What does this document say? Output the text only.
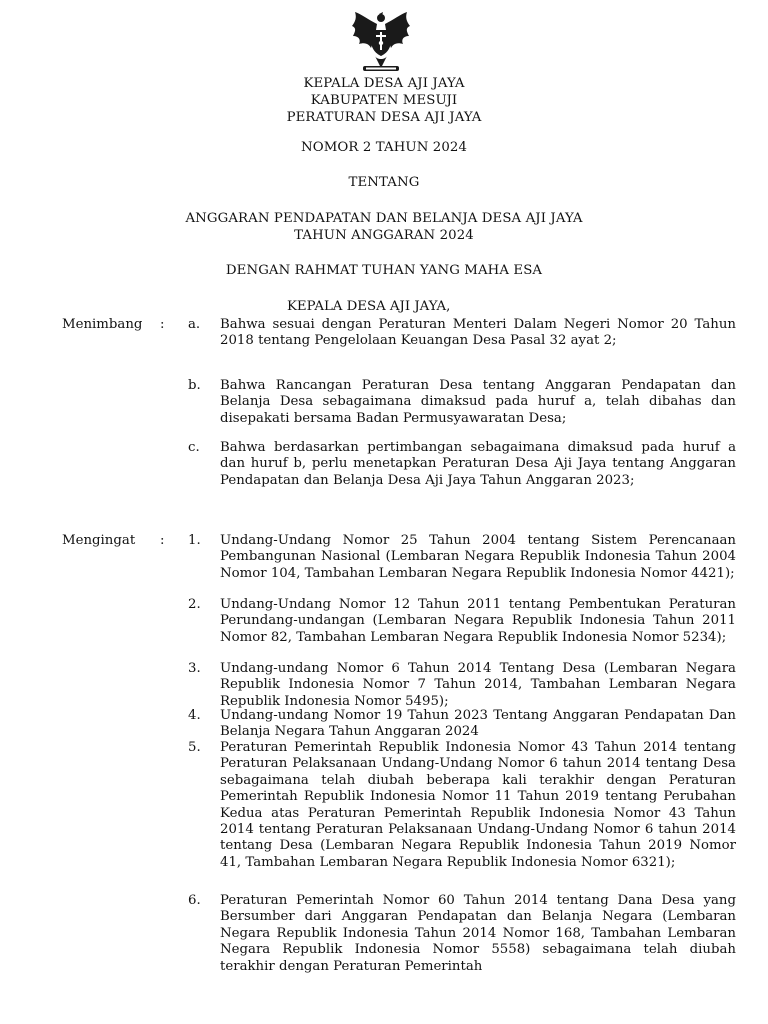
KEPALA DESA AJI JAYA
KABUPATEN MESUJI
PERATURAN DESA AJI JAYA
NOMOR 2 TAHUN 2024
TENTANG
ANGGARAN PENDAPATAN DAN BELANJA DESA AJI JAYA
TAHUN ANGGARAN 2024
DENGAN RAHMAT TUHAN YANG MAHA ESA
KEPALA DESA AJI JAYA,
Menimbang : a. Bahwa sesuai dengan Peraturan Menteri Dalam Negeri Nomor 20 Tahun 2018 tentang Pengelolaan Keuangan Desa Pasal 32 ayat 2;
b. Bahwa Rancangan Peraturan Desa tentang Anggaran Pendapatan dan Belanja Desa sebagaimana dimaksud pada huruf a, telah dibahas dan disepakati bersama Badan Permusyawaratan Desa;
c. Bahwa berdasarkan pertimbangan sebagaimana dimaksud pada huruf a dan huruf b, perlu menetapkan Peraturan Desa Aji Jaya tentang Anggaran Pendapatan dan Belanja Desa Aji Jaya Tahun Anggaran 2023;
Mengingat : 1. Undang-Undang Nomor 25 Tahun 2004 tentang Sistem Perencanaan Pembangunan Nasional (Lembaran Negara Republik Indonesia Tahun 2004 Nomor 104, Tambahan Lembaran Negara Republik Indonesia Nomor 4421);
2. Undang-Undang Nomor 12 Tahun 2011 tentang Pembentukan Peraturan Perundang-undangan (Lembaran Negara Republik Indonesia Tahun 2011 Nomor 82, Tambahan Lembaran Negara Republik Indonesia Nomor 5234);
3. Undang-undang Nomor 6 Tahun 2014 Tentang Desa (Lembaran Negara Republik Indonesia Nomor 7 Tahun 2014, Tambahan Lembaran Negara Republik Indonesia Nomor 5495);
4. Undang-undang Nomor 19 Tahun 2023 Tentang Anggaran Pendapatan Dan Belanja Negara Tahun Anggaran 2024
5. Peraturan Pemerintah Republik Indonesia Nomor 43 Tahun 2014 tentang Peraturan Pelaksanaan Undang-Undang Nomor 6 tahun 2014 tentang Desa sebagaimana telah diubah beberapa kali terakhir dengan Peraturan Pemerintah Republik Indonesia Nomor 11 Tahun 2019 tentang Perubahan Kedua atas Peraturan Pemerintah Republik Indonesia Nomor 43 Tahun 2014 tentang Peraturan Pelaksanaan Undang-Undang Nomor 6 tahun 2014 tentang Desa (Lembaran Negara Republik Indonesia Tahun 2019 Nomor 41, Tambahan Lembaran Negara Republik Indonesia Nomor 6321);
6. Peraturan Pemerintah Nomor 60 Tahun 2014 tentang Dana Desa yang Bersumber dari Anggaran Pendapatan dan Belanja Negara (Lembaran Negara Republik Indonesia Tahun 2014 Nomor 168, Tambahan Lembaran Negara Republik Indonesia Nomor 5558) sebagaimana telah diubah terakhir dengan Peraturan Pemerintah
